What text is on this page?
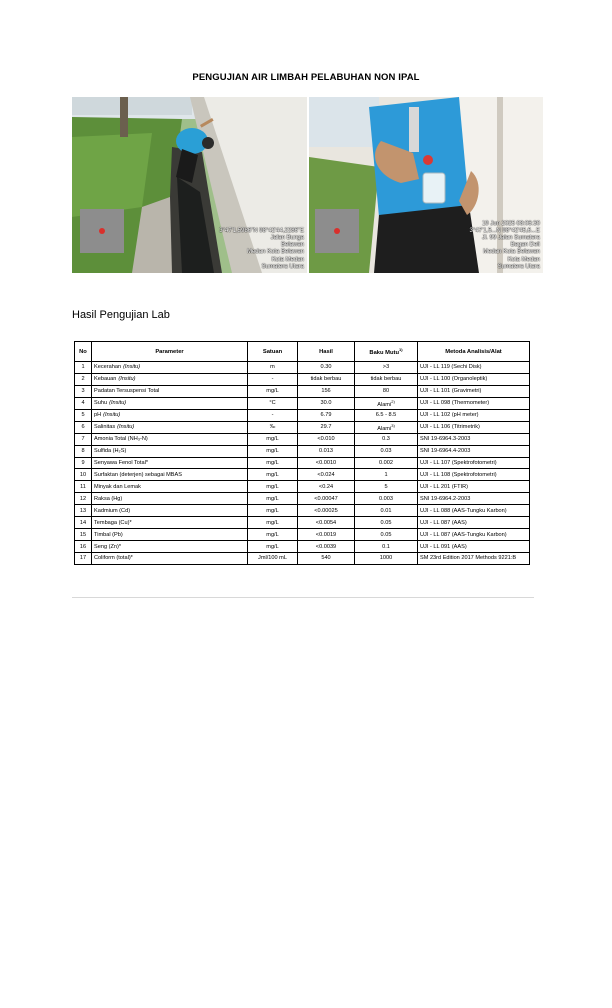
PENGUJIAN AIR LIMBAH PELABUHAN NON IPAL
3°47'1,5986"N 98°42'44,2286"E
Jalan Bunga
Belawan
Medan Kota Belawan
Kota Medan
Sumatera Utara
19 Jun 2025 08:06:30
3°47'1,5...N 98°42'45,6...E
Jl. 99 Jalan Sumatera
Bagan Deli
Medan Kota Belawan
Kota Medan
Sumatera Utara
Hasil Pengujian Lab
No	Parameter	Satuan	Hasil	Baku Mutu$^{1)}$	Metoda Analisis/Alat
1	Kecerahan (Insitu)	m	0.30	>3	UJI - LL 119 (Sechi Disk)
2	Kebauan (Insitu)	-	tidak berbau	tidak berbau	UJI - LL 100 (Organoleptik)
3	Padatan Tersuspensi Total	mg/L	156	80	UJI - LL 101 (Gravimetri)
4	Suhu (Insitu)	°C	30.0	Alami$^{2)}$	UJI - LL 098 (Thermometer)
5	pH (Insitu)	-	6.79	6.5 - 8.5	UJI - LL 102 (pH meter)
6	Salinitas (Insitu)	‰	29.7	Alami$^{3)}$	UJI - LL 106 (Titrimetrik)
7	Amonia Total (NH₃-N)	mg/L	<0.010	0.3	SNI 19-6964.3-2003
8	Sulfida (H₂S)	mg/L	0.013	0.03	SNI 19-6964.4-2003
9	Senyawa Fenol Total*	mg/L	<0.0010	0.002	UJI - LL 107 (Spektrofotometri)
10	Surfaktan (deterjen) sebagai MBAS	mg/L	<0.024	1	UJI - LL 108 (Spektrofotometri)
11	Minyak dan Lemak	mg/L	<0.24	5	UJI - LL 201 (FTIR)
12	Raksa (Hg)	mg/L	<0.00047	0.003	SNI 19-6964.2-2003
13	Kadmium (Cd)	mg/L	<0.00025	0.01	UJI - LL 088 (AAS-Tungku Karbon)
14	Tembaga (Cu)*	mg/L	<0.0054	0.05	UJI - LL 087 (AAS)
15	Timbal (Pb)	mg/L	<0.0019	0.05	UJI - LL 087 (AAS-Tungku Karbon)
16	Seng (Zn)*	mg/L	<0.0039	0.1	UJI - LL 091 (AAS)
17	Coliform (total)*	Jml/100 mL	540	1000	SM 23rd Edition 2017 Methods 9221:B
